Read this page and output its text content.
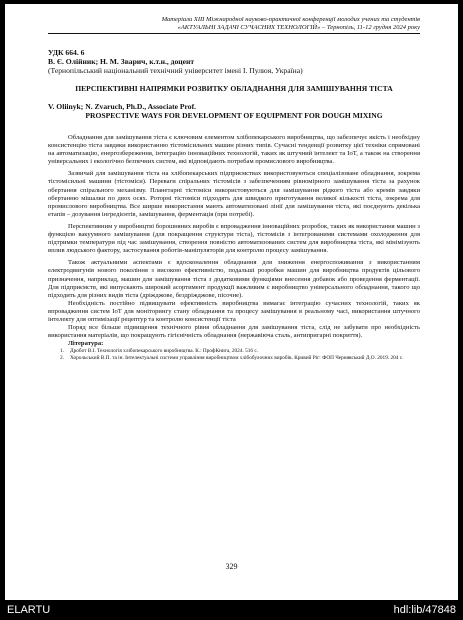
Матеріали ХІІІ Міжнародної науково-практичної конференції молодих учених та студентів
«АКТУАЛЬНІ ЗАДАЧІ СУЧАСНИХ ТЕХНОЛОГІЙ» – Тернопіль, 11-12 грудня 2024 року
УДК 664. 6
В. Є. Олійник; Н. М. Зварич, к.т.н., доцент
(Тернопільський національний технічний університет імені І. Пулюя, Україна)
ПЕРСПЕКТИВНІ НАПРЯМКИ РОЗВИТКУ ОБЛАДНАННЯ ДЛЯ ЗАМІШУВАННЯ ТІСТА
V. Oliinyk; N. Zvaruch, Ph.D., Associate Prof.
PROSPECTIVE WAYS FOR DEVELOPMENT OF EQUIPMENT FOR DOUGH MIXING

Обладнання для замішування тіста є ключовим елементом хлібопекарського виробництва, що забезпечує якість і необхідну консистенцію тіста завдяки використанню тістомісильних машин різних типів. Сучасні тенденції розвитку цієї техніки спрямовані на автоматизацію, енергозбереження, інтеграцію інноваційних технологій, таких як штучний інтелект та IoT, а також на створення універсальних і екологічно безпечних систем, які відповідають потребам промислового виробництва.

Зазвичай для замішування тіста на хлібопекарських підприємствах використовуються спеціалізоване обладнання, зокрема тістомісильні машини (тістоміси). Переваги спіральних тістомісів з забезпеченням рівномірного замішування тіста за рахунок обертання спірального механізму. Планетарні тістоміси використовуються для замішування рідкого тіста або кремів завдяки обертанню мішалки по двох осях. Роторні тістоміси підходять для швидкого приготування великої кількості тіста, зокрема для промислового виробництва. Все ширше використання мають автоматизовані лінії для замішування тіста, які поєднують декілька етапів – дозування інгредієнтів, замішування, ферментація (при потребі).

Перспективним у виробництві борошняних виробів є впровадження інноваційних розробок, таких як використання машин з функцією вакуумного замішування (для покращення структури тіста), тістомісів з інтегрованими системами охолодження для підтримки температури під час замішування, створення повністю автоматизованих систем для виробництва тіста, які мінімізують вплив людського фактору, застосування роботів-маніпуляторів для контролю процесу замішування.

Також актуальними аспектами є вдосконалення обладнання для зниження енергоспоживання з використанням електродвигунів нового покоління з високою ефективністю, подальші розробки машин для виробництва продуктів цільового призначення, наприклад, машин для замішування тіста з додатковими функціями внесення добавок або проведення ферментації. Для підприємств, які випускають широкий асортимент продукції важливим є виробництво універсального обладнання, такого що підходить для різних видів тіста (дріжджове, бездріжджове, пісочне).

Необхідність постійно підвищувати ефективність виробництва вимагає інтеграцію сучасних технологій, таких як впровадження систем IoT для моніторингу стану обладнання та процесу замішування в реальному часі, використання штучного інтелекту для оптимізації рецептур та контролю консистенції тіста

Поряд все більше підвищення технічного рівня обладнання для замішування тіста, слід не забувати про необхідність використання матеріалів, що покращують гігієнічність обладнання (нержавіюча сталь, антипригарні покриття).

Література:
1. Дробот В.І. Технологія хлібопекарського виробництва. К.: ПрофКнига, 2024. 516 с.
2. Хорольський В.П. та ін. Інтелектуальні системи управління виробництвом хлібобулочних виробів. Кривий Ріг: ФОП Чернявський Д.О. 2019. 204 с.
329
ELARTU	hdl:lib/47848
